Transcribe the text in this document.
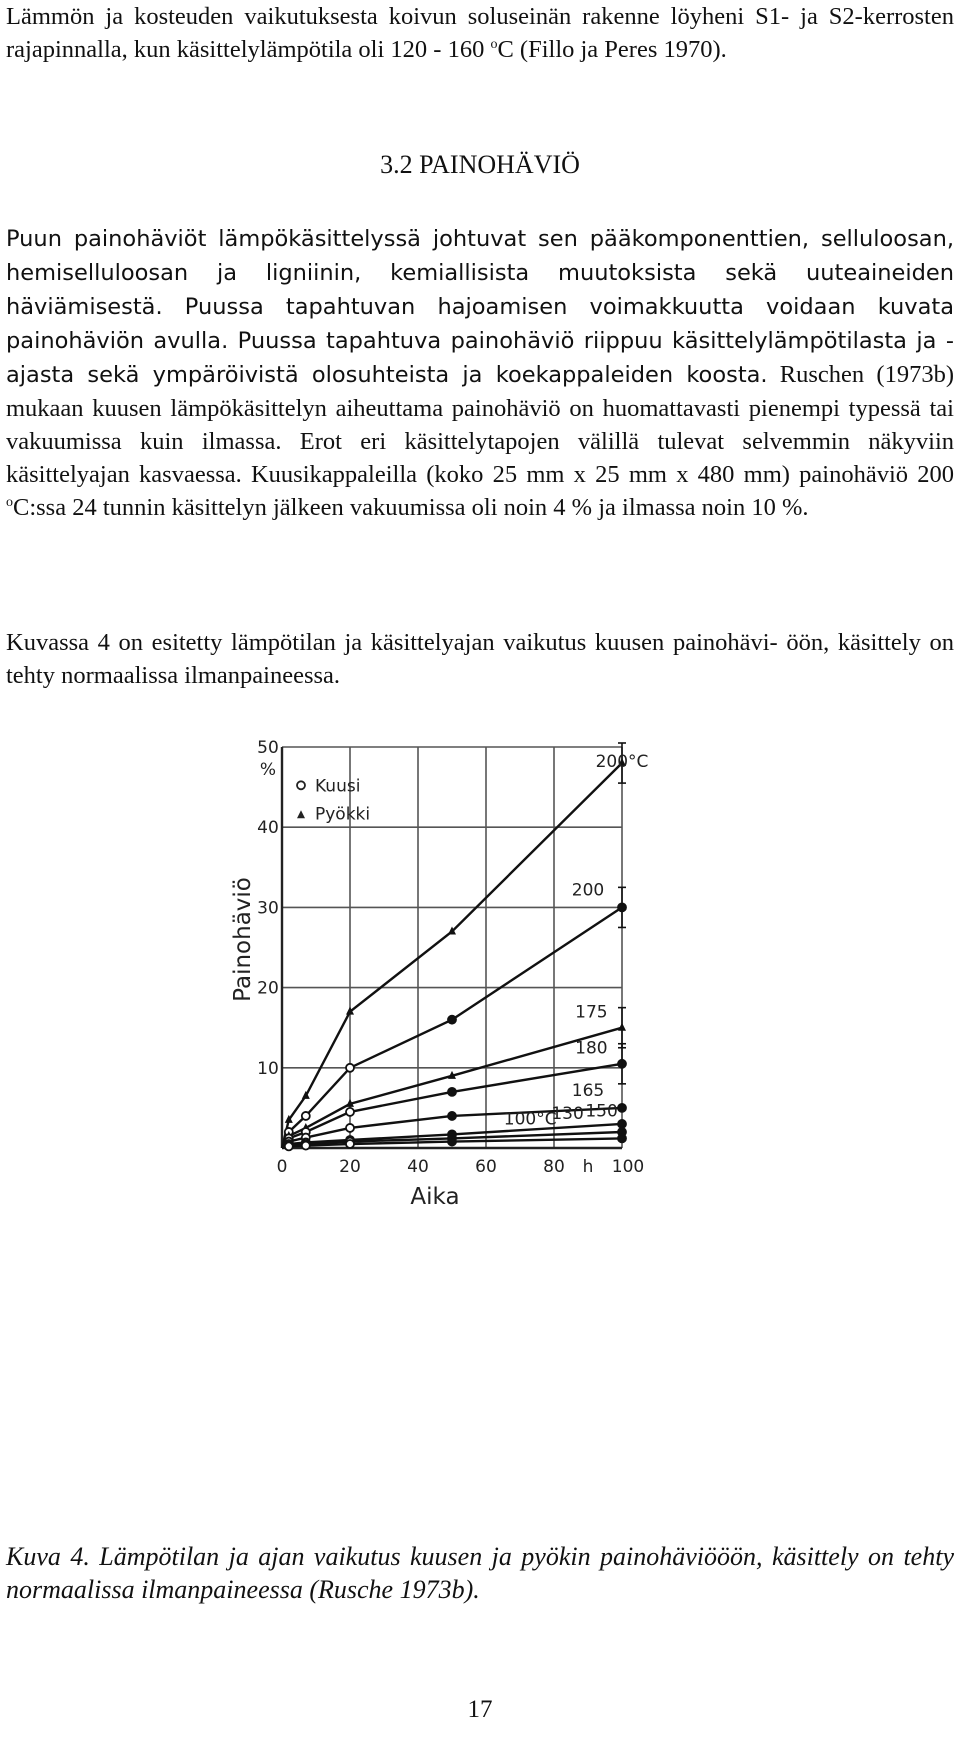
Lämmön ja kosteuden vaikutuksesta koivun soluseinän rakenne löyheni S1- ja S2-kerrosten rajapinnalla, kun käsittelylämpötila oli 120 - 160 $^o$C (Fillo ja Peres 1970).

3.2 PAINOHÄVIÖ

Puun painohäviöt lämpökäsittelyssä johtuvat sen pääkomponenttien, selluloosan, hemiselluloosan ja ligniinin, kemiallisista muutoksista sekä uuteaineiden häviämisestä. Puussa tapahtuvan hajoamisen voimakkuutta voidaan kuvata painohäviön avulla. Puussa tapahtuva painohäviö riippuu käsittelylämpötilasta ja -ajasta sekä ympäröivistä olosuhteista ja koekappaleiden koosta. Ruschen (1973b) mukaan kuusen lämpökäsittelyn aiheuttama painohäviö on huomattavasti pienempi typessä tai vakuumissa kuin ilmassa. Erot eri käsittelytapojen välillä tulevat selvemmin näkyviin käsittelyajan kasvaessa. Kuusikappaleilla (koko 25 mm x 25 mm x 480 mm) painohäviö 200 $^o$C:ssa 24 tunnin käsittelyn jälkeen vakuumissa oli noin 4 % ja ilmassa noin 10 %.

Kuvassa 4 on esitetty lämpötilan ja käsittelyajan vaikutus kuusen painohävi- öön, käsittely on tehty normaalissa ilmanpaineessa.

10
20
30
40
50
%
0	20	40	60	80 h 100
Aika
Painohäviö
Kuusi
Pyökki
200°C
200
175
180
165
150
130
100°C

Kuva 4. Lämpötilan ja ajan vaikutus kuusen ja pyökin painohäviööön, käsittely on tehty normaalissa ilmanpaineessa (Rusche 1973b).

17
